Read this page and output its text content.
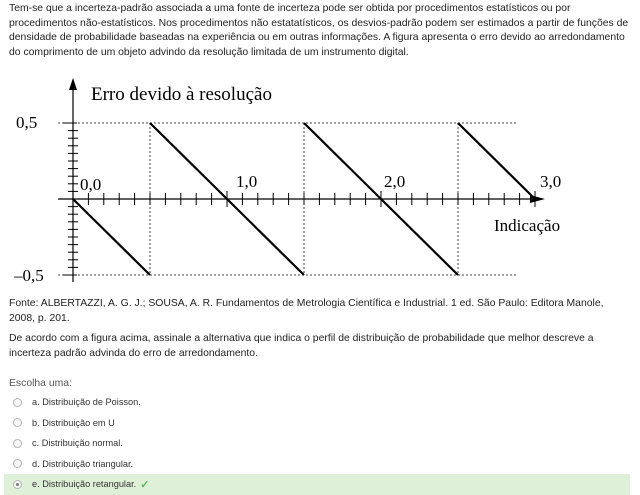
Tem-se que a incerteza-padrão associada a uma fonte de incerteza pode ser obtida por procedimentos estatísticos ou por procedimentos não-estatísticos. Nos procedimentos não estatatísticos, os desvios-padrão podem ser estimados a partir de funções de densidade de probabilidade baseadas na experiência ou em outras informações. A figura apresenta o erro devido ao arredondamento do comprimento de um objeto advindo da resolução limitada de um instrumento digital.

Erro devido à resolução
0,5
–0,5
0,0	1,0	2,0	3,0
Indicação

Fonte: ALBERTAZZI, A. G. J.; SOUSA, A. R. Fundamentos de Metrologia Científica e Industrial. 1 ed. São Paulo: Editora Manole, 2008, p. 201.

De acordo com a figura acima, assinale a alternativa que indica o perfil de distribuição de probabilidade que melhor descreve a incerteza padrão advinda do erro de arredondamento.

Escolha uma:

a. Distribuição de Poisson.
b. Distribuição em U
c. Distribuição normal.
d. Distribuição triangular.
e. Distribuição retangular. ✓
